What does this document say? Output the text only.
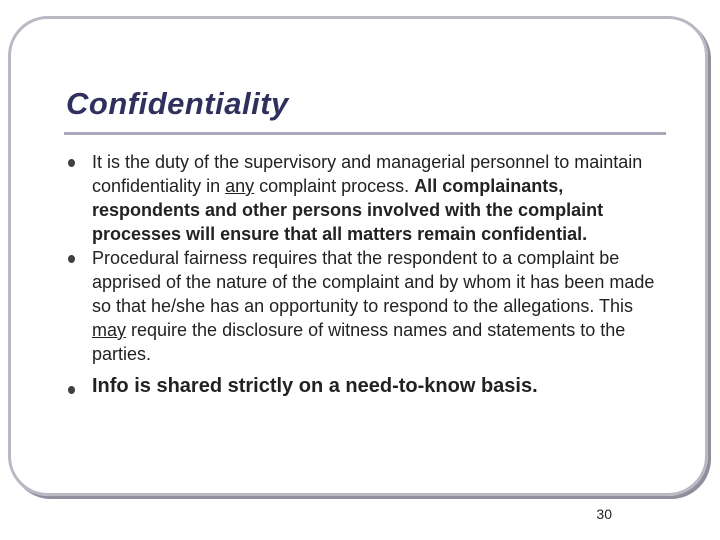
Confidentiality
It is the duty of the supervisory and managerial personnel to maintain confidentiality in any complaint process. All complainants, respondents and other persons involved with the complaint processes will ensure that all matters remain confidential.
Procedural fairness requires that the respondent to a complaint be apprised of the nature of the complaint and by whom it has been made so that he/she has an opportunity to respond to the allegations. This may require the disclosure of witness names and statements to the parties.
Info is shared strictly on a need-to-know basis.
30
